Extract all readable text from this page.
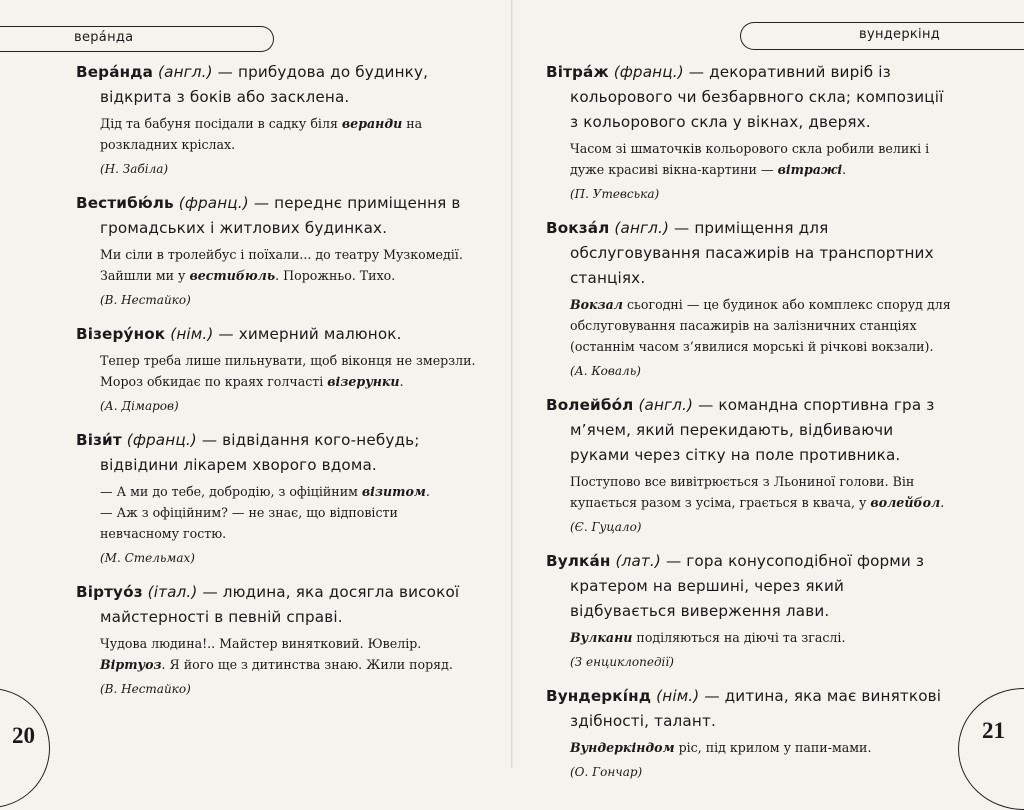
вера́нда	вундеркінд
Вера́нда (англ.) — прибудова до будинку, відкрита з боків або засклена.
Дід та бабуня посідали в садку біля веранди на розкладних кріслах.
(Н. Забіла)
Вестибю́ль (франц.) — переднє приміщення в громадських і житлових будинках.
Ми сіли в тролейбус і поїхали... до театру Музкомедії. Зайшли ми у вестибюль. Порожньо. Тихо.
(В. Нестайко)
Візеру́нок (нім.) — химерний малюнок.
Тепер треба лише пильнувати, щоб віконця не змерзли. Мороз обкидає по краях голчасті візерунки.
(А. Дімаров)
Візи́т (франц.) — відвідання кого-небудь; відвідини лікарем хворого вдома.

— А ми до тебе, добродію, з офіційним візитом.

— Аж з офіційним? — не знає, що відповісти невчасному гостю.

(М. Стельмах)
Віртуо́з (італ.) — людина, яка досягла високої майстерності в певній справі.
Чудова людина!.. Майстер винятковий. Ювелір. Віртуоз. Я його ще з дитинства знаю. Жили поряд.
(В. Нестайко)
Вітра́ж (франц.) — декоративний виріб із кольорового чи безбарвного скла; композиції з кольорового скла у вікнах, дверях.
Часом зі шматочків кольорового скла робили великі і дуже красиві вікна-картини — вітражі.
(П. Утевська)
Вокза́л (англ.) — приміщення для обслуговування пасажирів на транспортних станціях.
Вокзал сьогодні — це будинок або комплекс споруд для обслуговування пасажирів на залізничних станціях (останнім часом з’явилися морські й річкові вокзали).
(А. Коваль)
Волейбо́л (англ.) — командна спортивна гра з м’ячем, який перекидають, відбиваючи руками через сітку на поле противника.
Поступово все вивітрюється з Льониної голови. Він купається разом з усіма, грається в квача, у волейбол.
(Є. Гуцало)
Вулка́н (лат.) — гора конусоподібної форми з кратером на вершині, через який відбувається виверження лави.
Вулкани поділяються на діючі та згаслі.
(З енциклопедії)
Вундеркі́нд (нім.) — дитина, яка має виняткові здібності, талант.
Вундеркіндом ріс, під крилом у папи-мами.
(О. Гончар)
20	21
